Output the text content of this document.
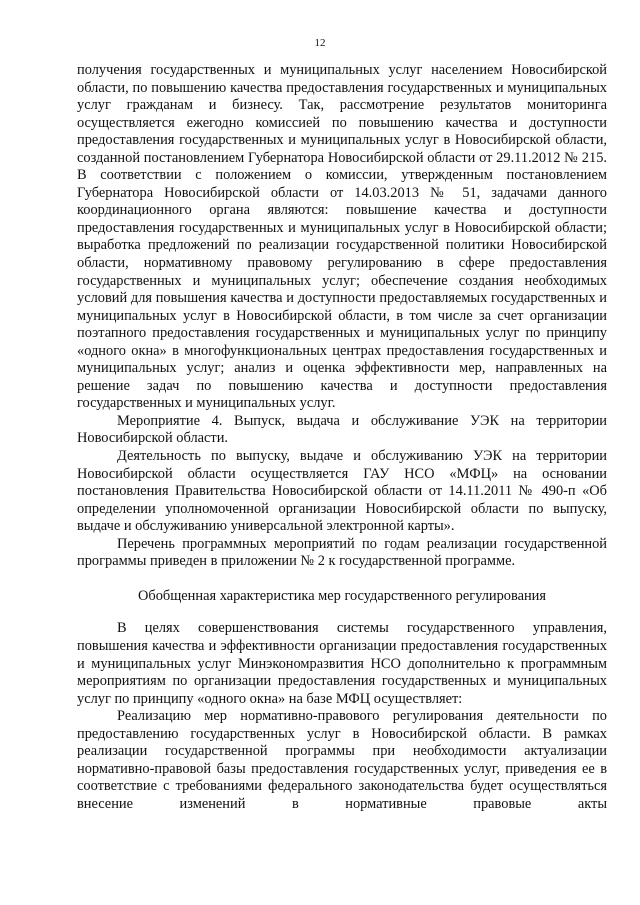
12

получения государственных и муниципальных услуг населением Новосибирской области, по повышению качества предоставления государственных и муниципальных услуг гражданам и бизнесу. Так, рассмотрение результатов мониторинга осуществляется ежегодно комиссией по повышению качества и доступности предоставления государственных и муниципальных услуг в Новосибирской области, созданной постановлением Губернатора Новосибирской области от 29.11.2012 № 215. В соответствии с положением о комиссии, утвержденным постановлением Губернатора Новосибирской области от 14.03.2013 № 51, задачами данного координационного органа являются: повышение качества и доступности предоставления государственных и муниципальных услуг в Новосибирской области; выработка предложений по реализации государственной политики Новосибирской области, нормативному правовому регулированию в сфере предоставления государственных и муниципальных услуг; обеспечение создания необходимых условий для повышения качества и доступности предоставляемых государственных и муниципальных услуг в Новосибирской области, в том числе за счет организации поэтапного предоставления государственных и муниципальных услуг по принципу «одного окна» в многофункциональных центрах предоставления государственных и муниципальных услуг; анализ и оценка эффективности мер, направленных на решение задач по повышению качества и доступности предоставления государственных и муниципальных услуг.

Мероприятие 4. Выпуск, выдача и обслуживание УЭК на территории Новосибирской области.

Деятельность по выпуску, выдаче и обслуживанию УЭК на территории Новосибирской области осуществляется ГАУ НСО «МФЦ» на основании постановления Правительства Новосибирской области от 14.11.2011 № 490-п «Об определении уполномоченной организации Новосибирской области по выпуску, выдаче и обслуживанию универсальной электронной карты».

Перечень программных мероприятий по годам реализации государственной программы приведен в приложении № 2 к государственной программе.

Обобщенная характеристика мер государственного регулирования

В целях совершенствования системы государственного управления, повышения качества и эффективности организации предоставления государственных и муниципальных услуг Минэкономразвития НСО дополнительно к программным мероприятиям по организации предоставления государственных и муниципальных услуг по принципу «одного окна» на базе МФЦ осуществляет:

Реализацию мер нормативно-правового регулирования деятельности по предоставлению государственных услуг в Новосибирской области. В рамках реализации государственной программы при необходимости актуализации нормативно-правовой базы предоставления государственных услуг, приведения ее в соответствие с требованиями федерального законодательства будет осуществляться внесение изменений в нормативные правовые акты
